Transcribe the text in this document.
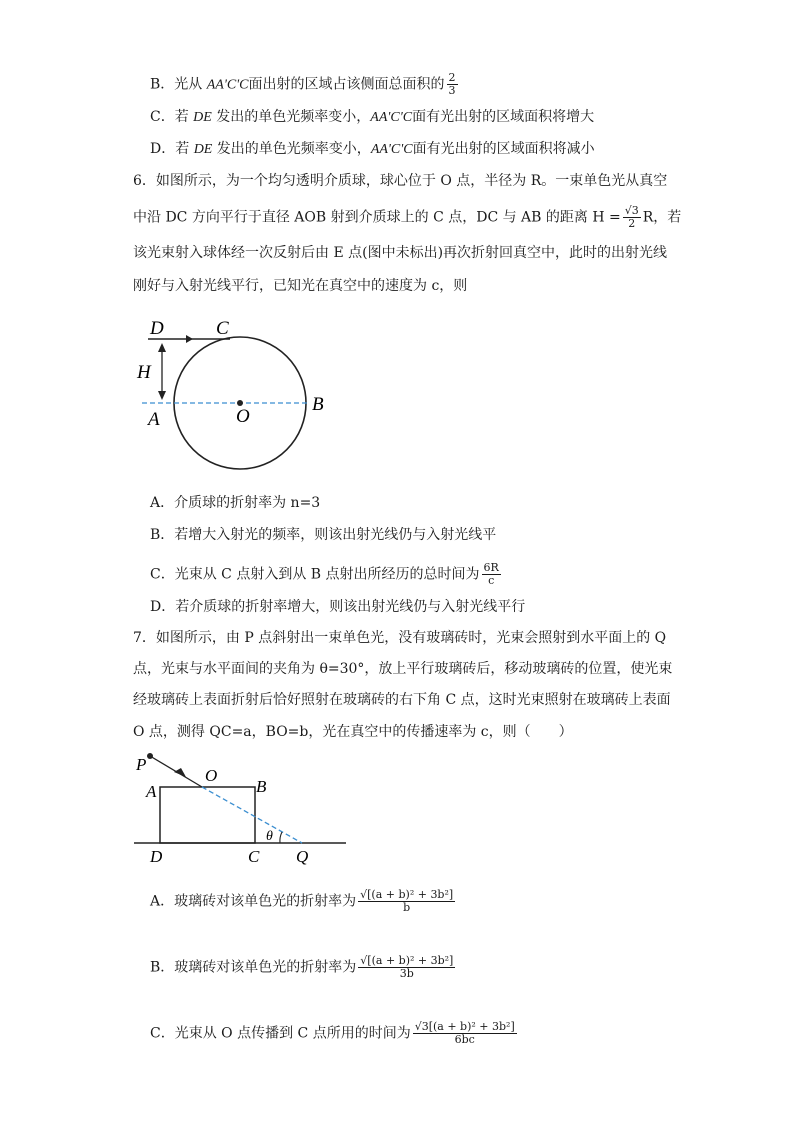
B．光从 AA'C'C面出射的区域占该侧面总面积的 $\frac{2}{3}$
C．若 DE 发出的单色光频率变小，AA'C'C面有光出射的区域面积将增大
D．若 DE 发出的单色光频率变小，AA'C'C面有光出射的区域面积将减小
6．如图所示，为一个均匀透明介质球，球心位于 O 点，半径为 R。一束单色光从真空
中沿 DC 方向平行于直径 AOB 射到介质球上的 C 点，DC 与 AB 的距离 $H = \frac{√3}{2}$ R，若
该光束射入球体经一次反射后由 E 点(图中未标出)再次折射回真空中，此时的出射光线
刚好与入射光线平行，已知光在真空中的速度为 c，则
D	C
H
A	O
B
A．介质球的折射率为 n=3
B．若增大入射光的频率，则该出射光线仍与入射光线平
C．光束从 C 点射入到从 B 点射出所经历的总时间为 $\frac{6R}{c}$
D．若介质球的折射率增大，则该出射光线仍与入射光线平行
7．如图所示，由 P 点斜射出一束单色光，没有玻璃砖时，光束会照射到水平面上的 Q
点，光束与水平面间的夹角为 θ=30°，放上平行玻璃砖后，移动玻璃砖的位置，使光束
经玻璃砖上表面折射后恰好照射在玻璃砖的右下角 C 点，这时光束照射在玻璃砖上表面
O 点，测得 QC=a，BO=b，光在真空中的传播速率为 c，则（　　）
P
O
A	B
D	C Q
θ
A．玻璃砖对该单色光的折射率为 $\frac{\text{√[(a + b)² + 3b²]}}{b}$
B．玻璃砖对该单色光的折射率为 $\frac{\text{√[(a + b)² + 3b²]}}{3b}$
C．光束从 O 点传播到 C 点所用的时间为 $\frac{\text{√3[(a + b)² + 3b²]}}{6bc}$
